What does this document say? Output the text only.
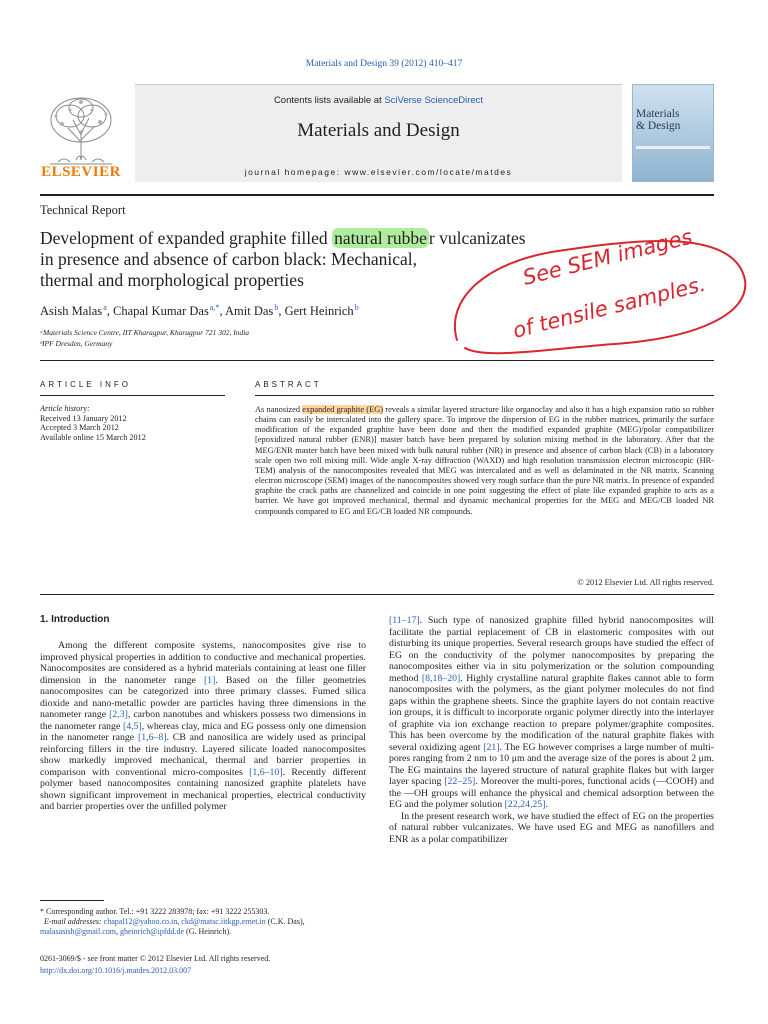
Materials and Design 39 (2012) 410–417
Contents lists available at SciVerse ScienceDirect
Materials and Design
journal homepage: www.elsevier.com/locate/matdes
ELSEVIER
Materials
& Design
Technical Report
Development of expanded graphite filled natural rubbe r vulcanizates
in presence and absence of carbon black: Mechanical,
thermal and morphological properties
Asish Malas $^a$, Chapal Kumar Das $^{a,*}$, Amit Das $^b$, Gert Heinrich $^b$
ᵃMaterials Science Centre, IIT Kharagpur, Kharagpur 721 302, India
ᵇIPF Dresden, Germany
ARTICLE INFO
Article history:
Received 13 January 2012
Accepted 3 March 2012
Available online 15 March 2012
ABSTRACT
As nanosized expanded graphite (EG) reveals a similar layered structure like organoclay and also it has a high expansion ratio so rubber chains can easily be intercalated into the gallery space. To improve the dispersion of EG in the rubber matrices, primarily the surface modification of the expanded graphite have been done and then the modified expanded graphite (MEG)/polar compatibilizer [epoxidized natural rubber (ENR)] master batch have been prepared by solution mixing method in the laboratory. After that the MEG/ENR master batch have been mixed with bulk natural rubber (NR) in presence and absence of carbon black (CB) in a laboratory scale open two roll mixing mill. Wide angle X-ray diffraction (WAXD) and high resolution transmission electron microscopic (HR-TEM) analysis of the nanocomposites revealed that MEG was intercalated and as well as delaminated in the NR matrix. Scanning electron microscope (SEM) images of the nanocomposites showed very rough surface than the pure NR matrix. In presence of expanded graphite the crack paths are channelized and coincide in one point suggesting the effect of plate like expanded graphite to acts as a barrier. We have got improved mechanical, thermal and dynamic mechanical properties for the MEG and MEG/CB loaded NR compounds compared to EG and EG/CB loaded NR compounds.
© 2012 Elsevier Ltd. All rights reserved.
1. Introduction
Among the different composite systems, nanocomposites give rise to improved physical properties in addition to conductive and mechanical properties. Nanocomposites are considered as a hybrid materials containing at least one filler dimension in the nanometer range [1]. Based on the filler geometries nanocomposites can be categorized into three primary classes. Fumed silica dioxide and nano-metallic powder are particles having three dimensions in the nanometer range [2,3], carbon nanotubes and whiskers possess two dimensions in the nanometer range [4,5], whereas clay, mica and EG possess only one dimension in the nanometer range [1,6–8]. CB and nanosilica are widely used as principal reinforcing fillers in the tire industry. Layered silicate loaded nanocomposites show markedly improved mechanical, thermal and barrier properties in comparison with conventional micro-composites [1,6–10]. Recently different polymer based nanocomposites containing nanosized graphite platelets have shown significant improvement in mechanical properties, electrical conductivity and barrier properties over the unfilled polymer
[11–17]. Such type of nanosized graphite filled hybrid nanocomposites will facilitate the partial replacement of CB in elastomeric composites with out disturbing its unique properties. Several research groups have studied the effect of EG on the conductivity of the polymer nanocomposites by preparing the nanocomposites either via in situ polymerization or the solution compounding method [8,18–20]. Highly crystalline natural graphite flakes cannot able to form nanocomposites with the polymers, as the giant polymer molecules do not find gaps within the graphene sheets. Since the graphite layers do not contain reactive ion groups, it is difficult to incorporate organic polymer directly into the interlayer of graphite via ion exchange reaction to prepare polymer/graphite composites. This has been overcome by the modification of the natural graphite flakes with several oxidizing agent [21]. The EG however comprises a large number of multi-pores ranging from 2 nm to 10 μm and the average size of the pores is about 2 μm. The EG maintains the layered structure of natural graphite flakes but with larger layer spacing [22–25]. Moreover the multi-pores, functional acids (—COOH) and the —OH groups will enhance the physical and chemical adsorption between the EG and the polymer solution [22,24,25].
In the present research work, we have studied the effect of EG on the properties of natural rubber vulcanizates. We have used EG and MEG as nanofillers and ENR as a polar compatibilizer
* Corresponding author. Tel.: +91 3222 283978; fax: +91 3222 255303.
E-mail addresses: chapal12@yahoo.co.in, ckd@matsc.iitkgp.ernet.in (C.K. Das),
malasasish@gmail.com, gheinrich@ipfdd.de (G. Heinrich).
0261-3069/$ - see front matter © 2012 Elsevier Ltd. All rights reserved.
http://dx.doi.org/10.1016/j.matdes.2012.03.007
See SEM images
of tensile samples.
